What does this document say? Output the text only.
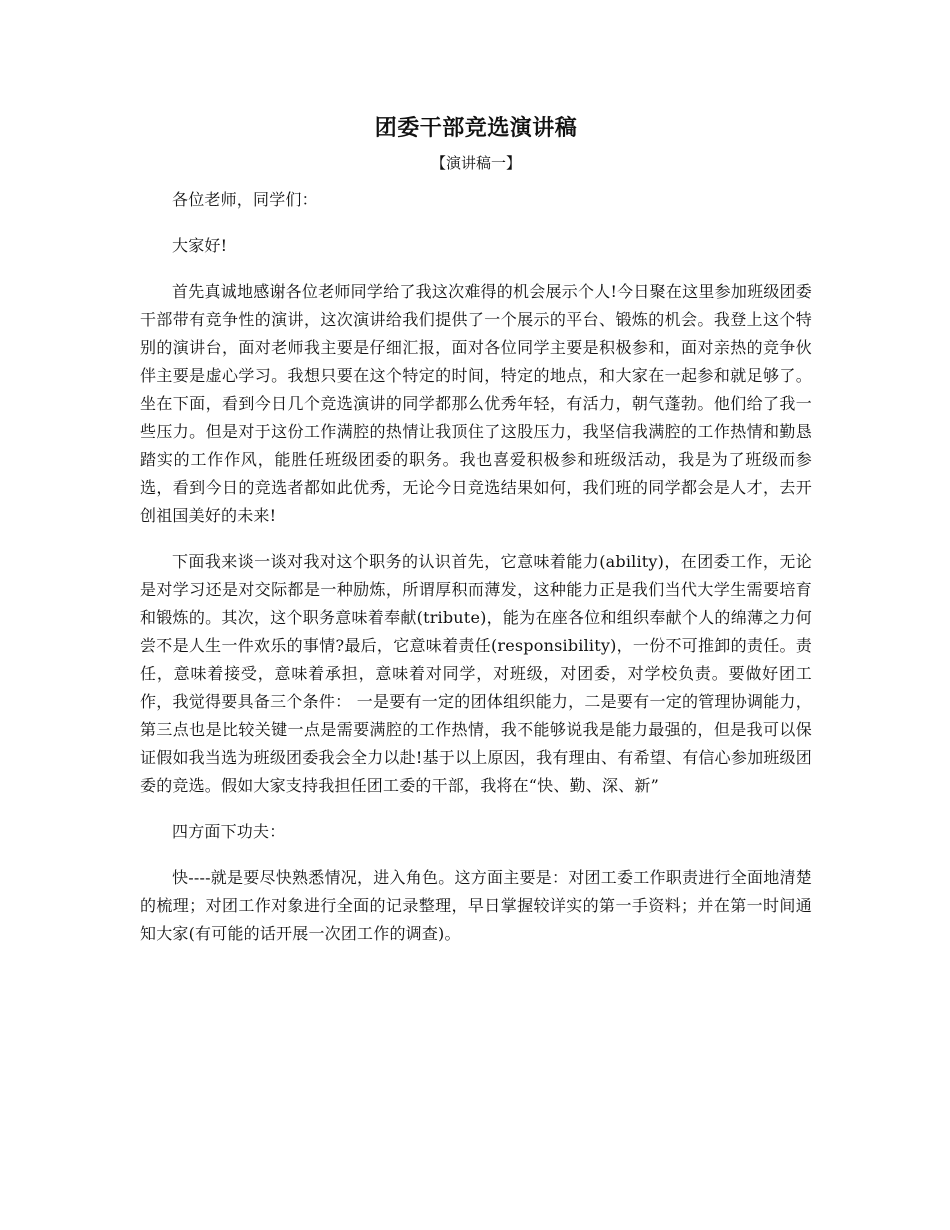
团委干部竞选演讲稿
【演讲稿一】

各位老师，同学们：

大家好!

首先真诚地感谢各位老师同学给了我这次难得的机会展示个人!今日聚在这里参加班级团委干部带有竞争性的演讲，这次演讲给我们提供了一个展示的平台、锻炼的机会。我登上这个特别的演讲台，面对老师我主要是仔细汇报，面对各位同学主要是积极参和，面对亲热的竞争伙伴主要是虚心学习。我想只要在这个特定的时间，特定的地点，和大家在一起参和就足够了。坐在下面，看到今日几个竞选演讲的同学都那么优秀年轻，有活力，朝气蓬勃。他们给了我一些压力。但是对于这份工作满腔的热情让我顶住了这股压力，我坚信我满腔的工作热情和勤恳踏实的工作作风，能胜任班级团委的职务。我也喜爱积极参和班级活动，我是为了班级而参选，看到今日的竞选者都如此优秀，无论今日竞选结果如何，我们班的同学都会是人才，去开创祖国美好的未来!

下面我来谈一谈对我对这个职务的认识首先，它意味着能力(ability)，在团委工作，无论是对学习还是对交际都是一种励炼，所谓厚积而薄发，这种能力正是我们当代大学生需要培育和锻炼的。其次，这个职务意味着奉献(tribute)，能为在座各位和组织奉献个人的绵薄之力何尝不是人生一件欢乐的事情?最后，它意味着责任(responsibility)，一份不可推卸的责任。责任，意味着接受，意味着承担，意味着对同学，对班级，对团委，对学校负责。要做好团工作，我觉得要具备三个条件： 一是要有一定的团体组织能力，二是要有一定的管理协调能力， 第三点也是比较关键一点是需要满腔的工作热情，我不能够说我是能力最强的，但是我可以保证假如我当选为班级团委我会全力以赴!基于以上原因，我有理由、有希望、有信心参加班级团委的竞选。假如大家支持我担任团工委的干部，我将在“快、勤、深、新”

四方面下功夫：

快----就是要尽快熟悉情况，进入角色。这方面主要是：对团工委工作职责进行全面地清楚的梳理；对团工作对象进行全面的记录整理，早日掌握较详实的第一手资料；并在第一时间通知大家(有可能的话开展一次团工作的调查)。
